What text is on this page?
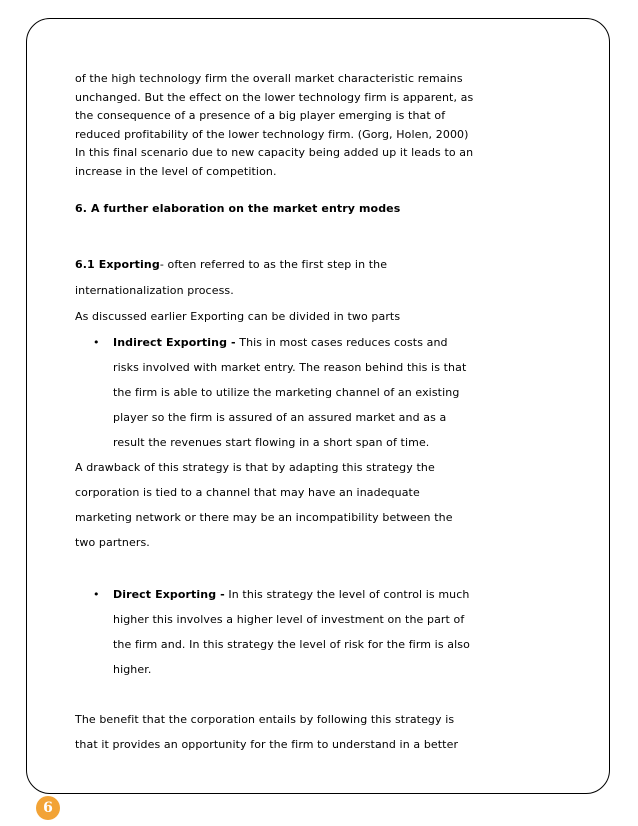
of the high technology firm the overall market characteristic remains

unchanged. But the effect on the lower technology firm is apparent, as

the consequence of a presence of a big player emerging is that of

reduced profitability of the lower technology firm. (Gorg, Holen, 2000)

In this final scenario due to new capacity being added up it leads to an

increase in the level of competition.

6. A further elaboration on the market entry modes

6.1 Exporting- often referred to as the first step in the

internationalization process.

As discussed earlier Exporting can be divided in two parts

• Indirect Exporting - This in most cases reduces costs and

risks involved with market entry. The reason behind this is that

the firm is able to utilize the marketing channel of an existing

player so the firm is assured of an assured market and as a

result the revenues start flowing in a short span of time.

A drawback of this strategy is that by adapting this strategy the

corporation is tied to a channel that may have an inadequate

marketing network or there may be an incompatibility between the

two partners.

• Direct Exporting - In this strategy the level of control is much

higher this involves a higher level of investment on the part of

the firm and. In this strategy the level of risk for the firm is also

higher.

The benefit that the corporation entails by following this strategy is

that it provides an opportunity for the firm to understand in a better

6
